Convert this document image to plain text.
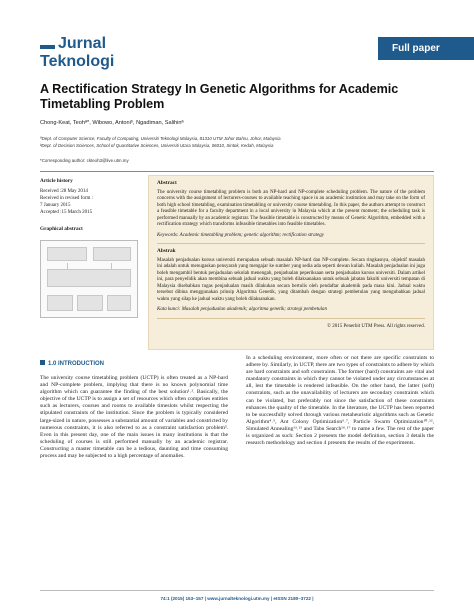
Jurnal
Teknologi
Full paper
A Rectification Strategy In Genetic Algorithms for Academic Timetabling Problem
Chong-Keat, Teohª*, Wibowo, Antoniᵇ, Ngadiman, Salihinª
ªDept. of Computer Science, Faculty of Computing, Universiti Teknologi Malaysia, 81310 UTM Johor Bahru, Johor, Malaysia
ᵇDept. of Decision Sciences, School of Quantitative Sciences, Universiti Utara Malaysia, 06010, Sintok, Kedah, Malaysia
*Corresponding author: ckteoh3@live.utm.my
Article history
Received :28 May 2014
Received in revised form :
7 January 2015
Accepted :15 March 2015
Graphical abstract
Abstract

The university course timetabling problem is both an NP-hard and NP-complete scheduling problem. The nature of the problem concerns with the assignment of lecturers-courses to available teaching space in an academic institution and may take on the form of both high school timetabling, examination timetabling or university course timetabling. In this paper, the authors attempt to construct a feasible timetable for a faculty department in a local university in Malaysia which at the present moment; the scheduling task is performed manually by an academic registrar. The feasible timetable is constructed by means of Genetic Algorithm, embedded with a rectification strategy which transforms infeasible timetables into feasible timetables.

Keywords: Academic timetabling problem; genetic algorithm; rectification strategy

Abstrak

Masalah penjadualan kursus universiti merupakan sebuah masalah NP-hard dan NP-complete. Secara ringkasnya, objektif masalah ini adalah untuk menugaskan pensyarah yang mengajar ke sumber yang sedia ada seperti dewan kuliah. Masalah penjadualan ini juga boleh mengambil bentuk penjadualan sekolah menengah, penjadualan peperiksaan serta penjadualan kursus universiti. Dalam artikel ini, para penyelidik akan membina sebuah jadual waktu yang boleh dilaksanakan untuk sebuah jabatan fakulti universiti tempatan di Malaysia disebabkan tugas penjadualan masih dilakukan secara bertulis oleh pendaftar akademik pada masa kini. Jadual waktu tersebut dibina menggunakan prinsip Algoritma Genetik, yang ditambah dengan strategi pembetulan yang mengubahkan jadual waktu yang silap ke jadual waktu yang boleh dilaksanakan.

Kata kunci: Masalah penjadualan akademik; algoritma genetik; strategi pembetulan

© 2015 Penerbit UTM Press. All rights reserved.
1.0 INTRODUCTION
The university course timetabling problem (UCTP) is often treated as a NP-hard and NP-complete problem, implying that there is no known polynomial time algorithm which can guarantee the finding of the best solution¹˒². Basically, the objective of the UCTP is to assign a set of resources which often comprises entities such as lecturers, courses and rooms to available timeslots whilst respecting the stipulated constraints of the institution. Since the problem is typically considered large-sized in nature, possesses a substantial amount of variables and constricted by numerous constraints, it is also referred to as a constraint satisfaction problem³. Even in this present day, one of the main issues in many institutions is that the scheduling of courses is still performed manually by an academic registrar. Constructing a master timetable can be a tedious, daunting and time consuming process and may be subjected to a high percentage of anomalies.
In a scheduling environment, more often or not there are specific constraints to adhere by. Similarly, in UCTP, there are two types of constraints to adhere by which are hard constraints and soft constraints. The former (hard) constraints are vital and mandatory constraints in which they cannot be violated under any circumstances at all, lest the timetable is rendered infeasible. On the other hand, the latter (soft) constraints, such as the unavailability of lecturers are secondary constraints which can be violated, but preferably not since the satisfaction of these constraints enhances the quality of the timetable. In the literature, the UCTP has been reported to be successfully solved through various metaheuristic algorithms such as Genetic Algorithm⁴˒⁵, Ant Colony Optimization⁶˒⁷, Particle Swarm Optimization¹⁰˒¹², Simulated Annealing¹³˒¹⁵ and Tabu Search¹⁶˒¹⁷ to name a few. The rest of the paper is organized as such: Section 2 presents the model definition, section 3 details the research methodology and section 4 presents the results of the experiments.
74:1 (2015) 153–157 | www.jurnalteknologi.utm.my | eISSN 2180–3722 |
